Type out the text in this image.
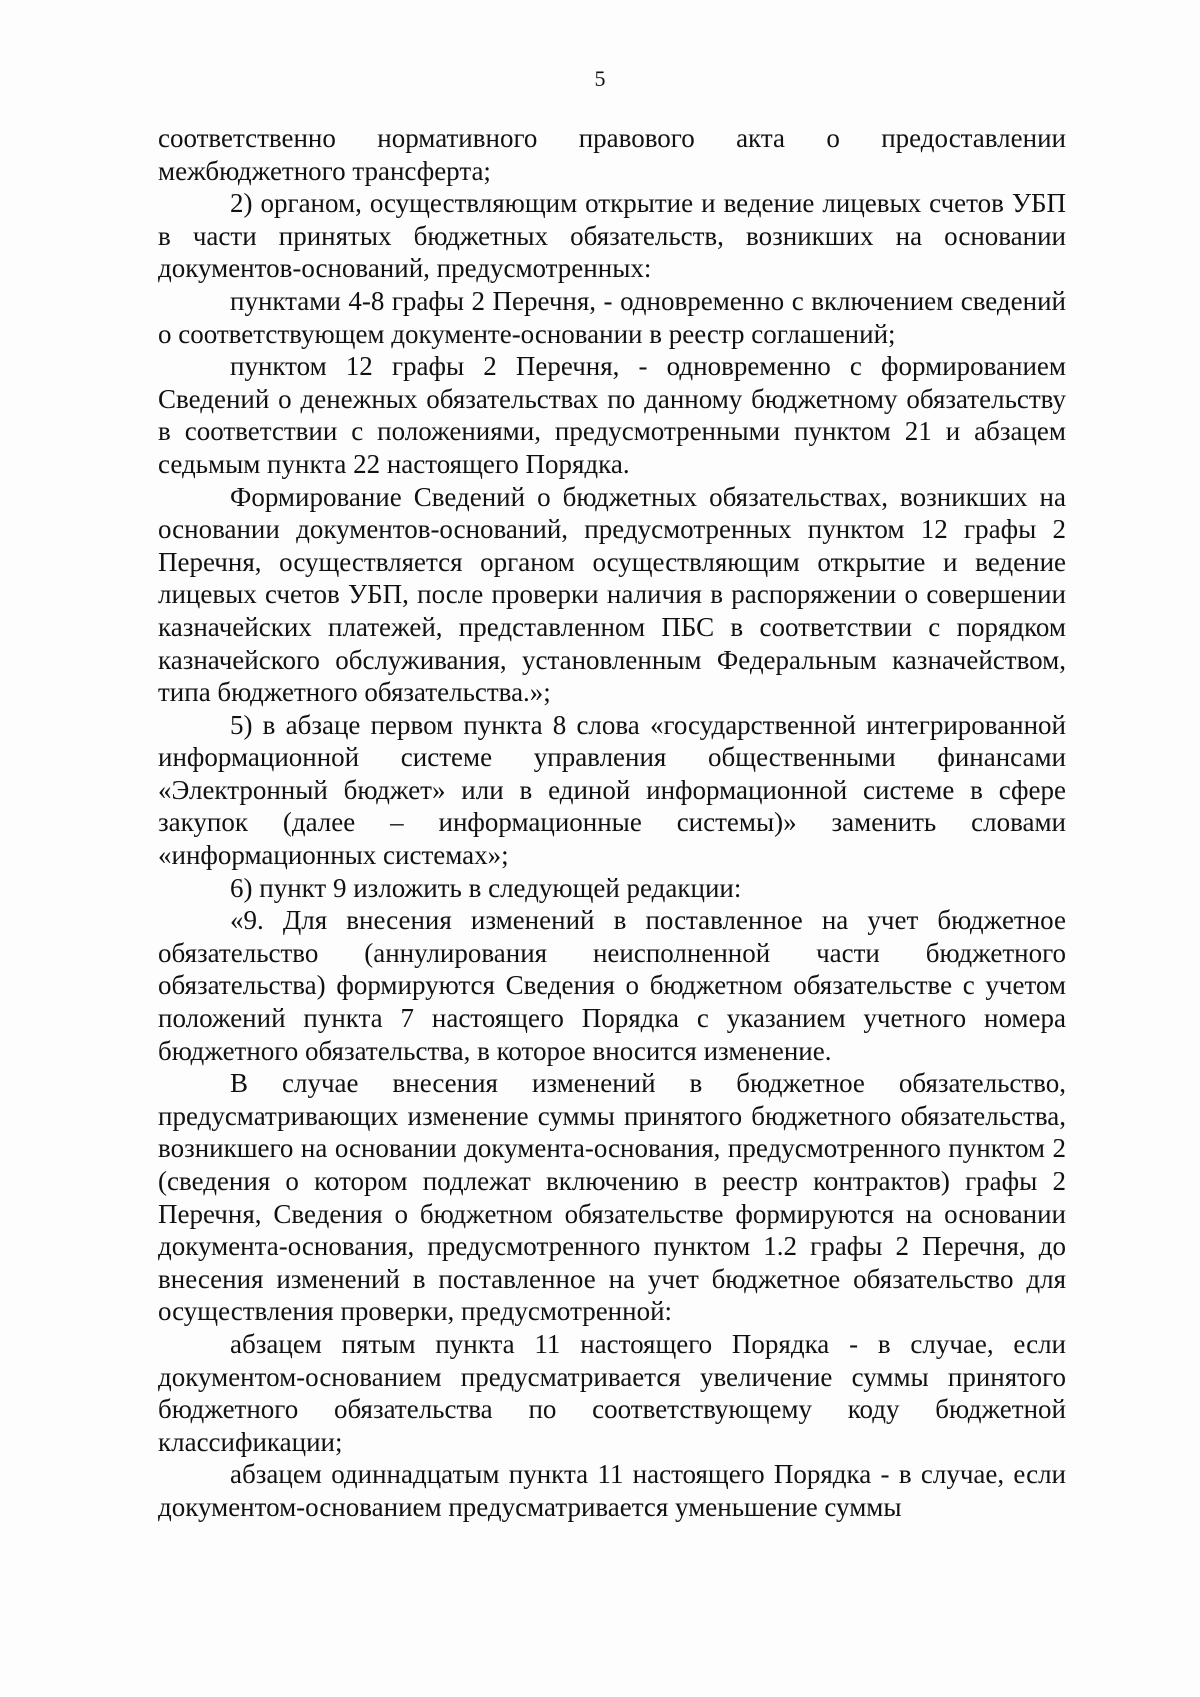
5

соответственно нормативного правового акта о предоставлении межбюджетного трансферта;

2) органом, осуществляющим открытие и ведение лицевых счетов УБП в части принятых бюджетных обязательств, возникших на основании документов-оснований, предусмотренных:

пунктами 4-8 графы 2 Перечня, - одновременно с включением сведений о соответствующем документе-основании в реестр соглашений;

пунктом 12 графы 2 Перечня, - одновременно с формированием Сведений о денежных обязательствах по данному бюджетному обязательству в соответствии с положениями, предусмотренными пунктом 21 и абзацем седьмым пункта 22 настоящего Порядка.

Формирование Сведений о бюджетных обязательствах, возникших на основании документов-оснований, предусмотренных пунктом 12 графы 2 Перечня, осуществляется органом осуществляющим открытие и ведение лицевых счетов УБП, после проверки наличия в распоряжении о совершении казначейских платежей, представленном ПБС в соответствии с порядком казначейского обслуживания, установленным Федеральным казначейством, типа бюджетного обязательства.»;

5) в абзаце первом пункта 8 слова «государственной интегрированной информационной системе управления общественными финансами «Электронный бюджет» или в единой информационной системе в сфере закупок (далее – информационные системы)» заменить словами «информационных системах»;

6) пункт 9 изложить в следующей редакции:

«9. Для внесения изменений в поставленное на учет бюджетное обязательство (аннулирования неисполненной части бюджетного обязательства) формируются Сведения о бюджетном обязательстве с учетом положений пункта 7 настоящего Порядка с указанием учетного номера бюджетного обязательства, в которое вносится изменение.

В случае внесения изменений в бюджетное обязательство, предусматривающих изменение суммы принятого бюджетного обязательства, возникшего на основании документа-основания, предусмотренного пунктом 2 (сведения о котором подлежат включению в реестр контрактов) графы 2 Перечня, Сведения о бюджетном обязательстве формируются на основании документа-основания, предусмотренного пунктом 1.2 графы 2 Перечня, до внесения изменений в поставленное на учет бюджетное обязательство для осуществления проверки, предусмотренной:

абзацем пятым пункта 11 настоящего Порядка - в случае, если документом-основанием предусматривается увеличение суммы принятого бюджетного обязательства по соответствующему коду бюджетной классификации;

абзацем одиннадцатым пункта 11 настоящего Порядка - в случае, если документом-основанием предусматривается уменьшение суммы
